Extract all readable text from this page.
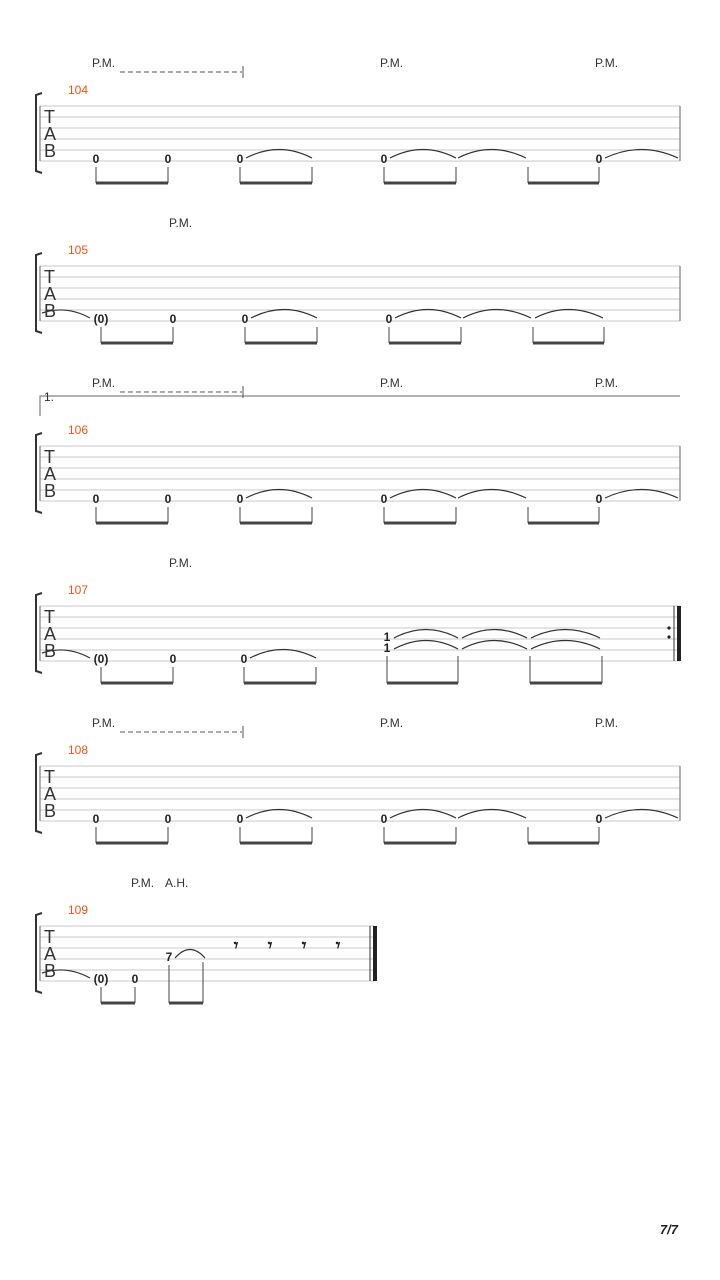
P.M.	P.M.	P.M.
104
T
A
B	0	0	0	0	0
P.M.
105
T
A
B	(0)	0	0	0
1.
P.M.	P.M.	P.M.
106
T
A
B	0	0	0	0	0
P.M.
107
T
A
B	(0)	0	0
1
1
P.M.	P.M.	P.M.
108
T
A
B	0	0	0	0	0
P.M. A.H.
109
T
A
B	(0) 0
7
𝄾 𝄾 𝄾 𝄾
7/7
